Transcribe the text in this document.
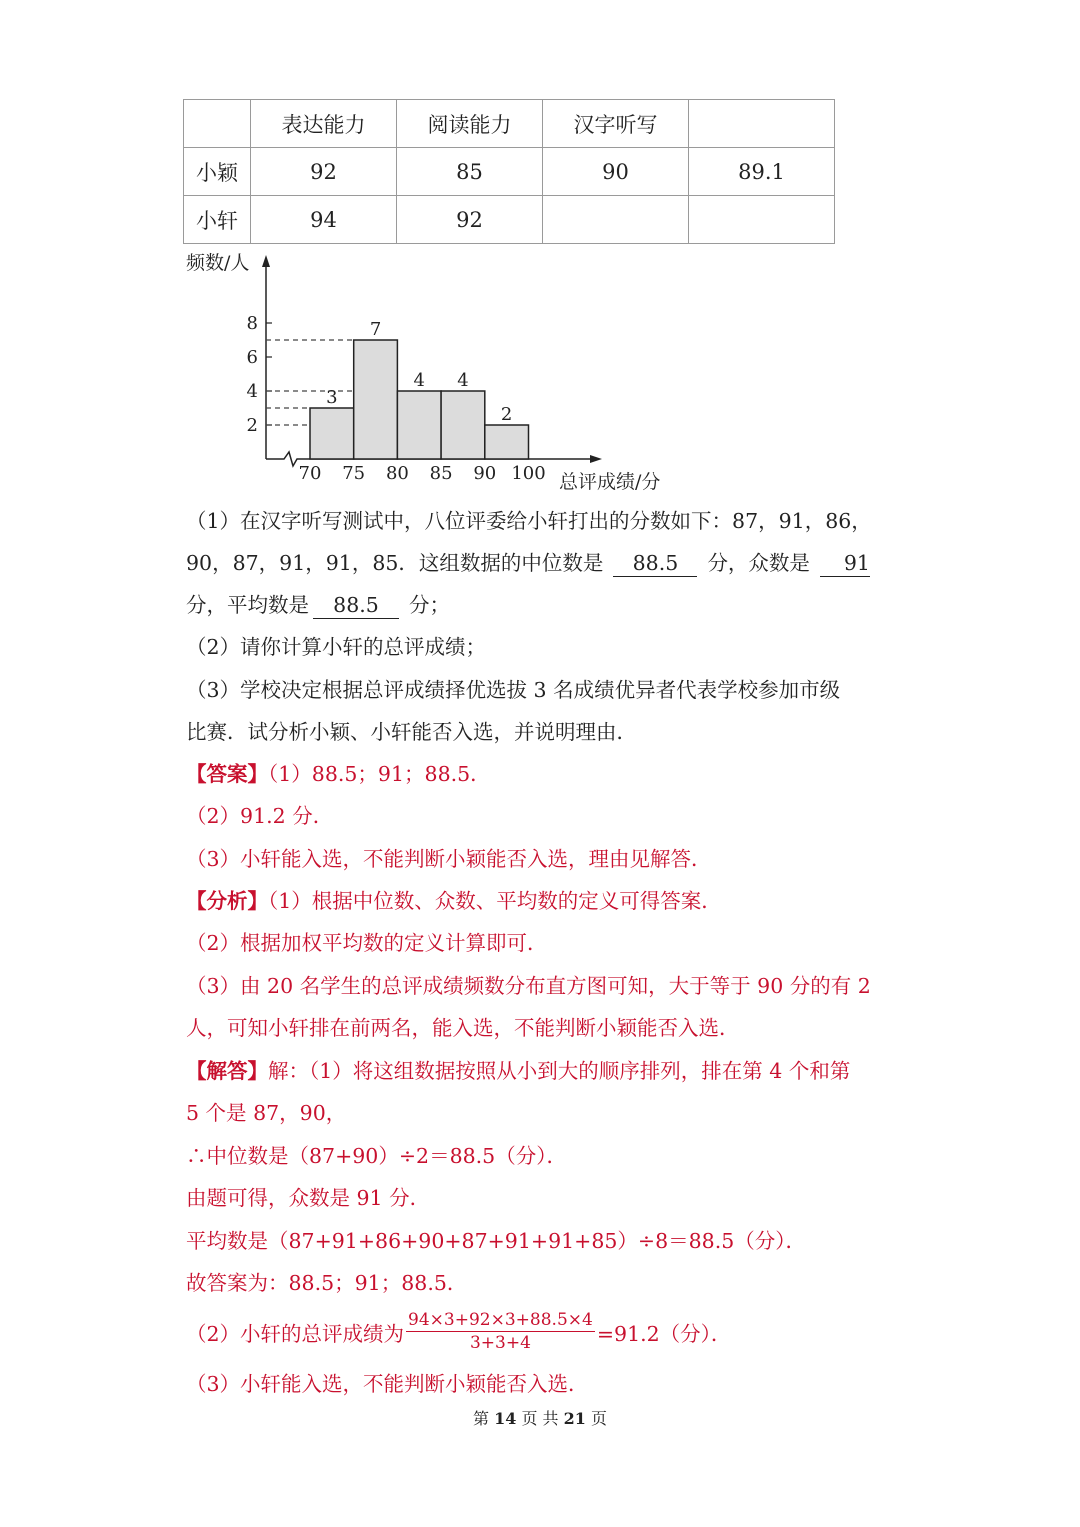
	表达能力	阅读能力	汉字听写	
小颖	92	85	90	89.1
小轩	94	92		
频数/人
总评成绩/分
2
4
6
8
70 75 80 85 90 100
3
7
4 4
2
（1）在汉字听写测试中，八位评委给小轩打出的分数如下：87，91，86，
90，87，91，91，85．这组数据的中位数是 88.5 分，众数是 91
分，平均数是 88.5 分；
（2）请你计算小轩的总评成绩；
（3）学校决定根据总评成绩择优选拔 3 名成绩优异者代表学校参加市级
比赛．试分析小颖、小轩能否入选，并说明理由．
【答案】（1）88.5；91；88.5．
（2）91.2 分．
（3）小轩能入选，不能判断小颖能否入选，理由见解答．
【分析】（1）根据中位数、众数、平均数的定义可得答案．
（2）根据加权平均数的定义计算即可．
（3）由 20 名学生的总评成绩频数分布直方图可知，大于等于 90 分的有 2
人，可知小轩排在前两名，能入选，不能判断小颖能否入选．
【解答】解：（1）将这组数据按照从小到大的顺序排列，排在第 4 个和第
5 个是 87，90，
∴中位数是（87+90）÷2＝88.5（分）．
由题可得，众数是 91 分．
平均数是（87+91+86+90+87+91+91+85）÷8＝88.5（分）．
故答案为：88.5；91；88.5．
（2）小轩的总评成绩为 $\frac{94\times 3+92\times 3+88.5\times 4}{3+3+4} =91.2$（分）．
（3）小轩能入选，不能判断小颖能否入选．
第 14 页 共 21 页
